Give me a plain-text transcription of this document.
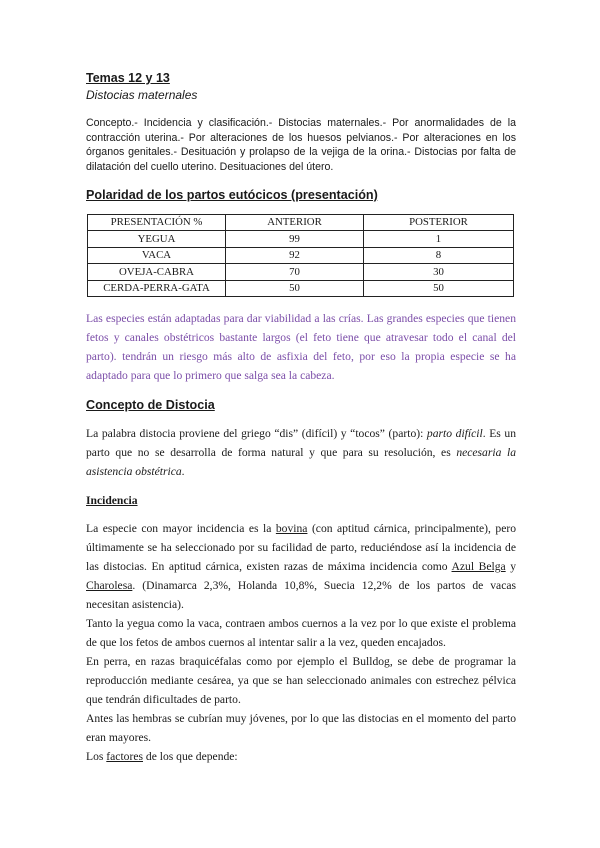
Temas 12 y 13

Distocias maternales

Concepto.- Incidencia y clasificación.- Distocias maternales.- Por anormalidades de la contracción uterina.- Por alteraciones de los huesos pelvianos.- Por alteraciones en los órganos genitales.- Desituación y prolapso de la vejiga de la orina.- Distocias por falta de dilatación del cuello uterino. Desituaciones del útero.

Polaridad de los partos eutócicos (presentación)

PRESENTACIÓN %	ANTERIOR	POSTERIOR
YEGUA	99	1
VACA	92	8
OVEJA-CABRA	70	30
CERDA-PERRA-GATA	50	50

Las especies están adaptadas para dar viabilidad a las crías. Las grandes especies que tienen fetos y canales obstétricos bastante largos (el feto tiene que atravesar todo el canal del parto). tendrán un riesgo más alto de asfixia del feto, por eso la propia especie se ha adaptado para que lo primero que salga sea la cabeza.

Concepto de Distocia

La palabra distocia proviene del griego “dis” (difícil) y “tocos” (parto): parto difícil. Es un parto que no se desarrolla de forma natural y que para su resolución, es necesaria la asistencia obstétrica.

Incidencia

La especie con mayor incidencia es la bovina (con aptitud cárnica, principalmente), pero últimamente se ha seleccionado por su facilidad de parto, reduciéndose así la incidencia de las distocias. En aptitud cárnica, existen razas de máxima incidencia como Azul Belga y Charolesa. (Dinamarca 2,3%, Holanda 10,8%, Suecia 12,2% de los partos de vacas necesitan asistencia).

Tanto la yegua como la vaca, contraen ambos cuernos a la vez por lo que existe el problema de que los fetos de ambos cuernos al intentar salir a la vez, queden encajados.

En perra, en razas braquicéfalas como por ejemplo el Bulldog, se debe de programar la reproducción mediante cesárea, ya que se han seleccionado animales con estrechez pélvica que tendrán dificultades de parto.

Antes las hembras se cubrían muy jóvenes, por lo que las distocias en el momento del parto eran mayores.

Los factores de los que depende:
